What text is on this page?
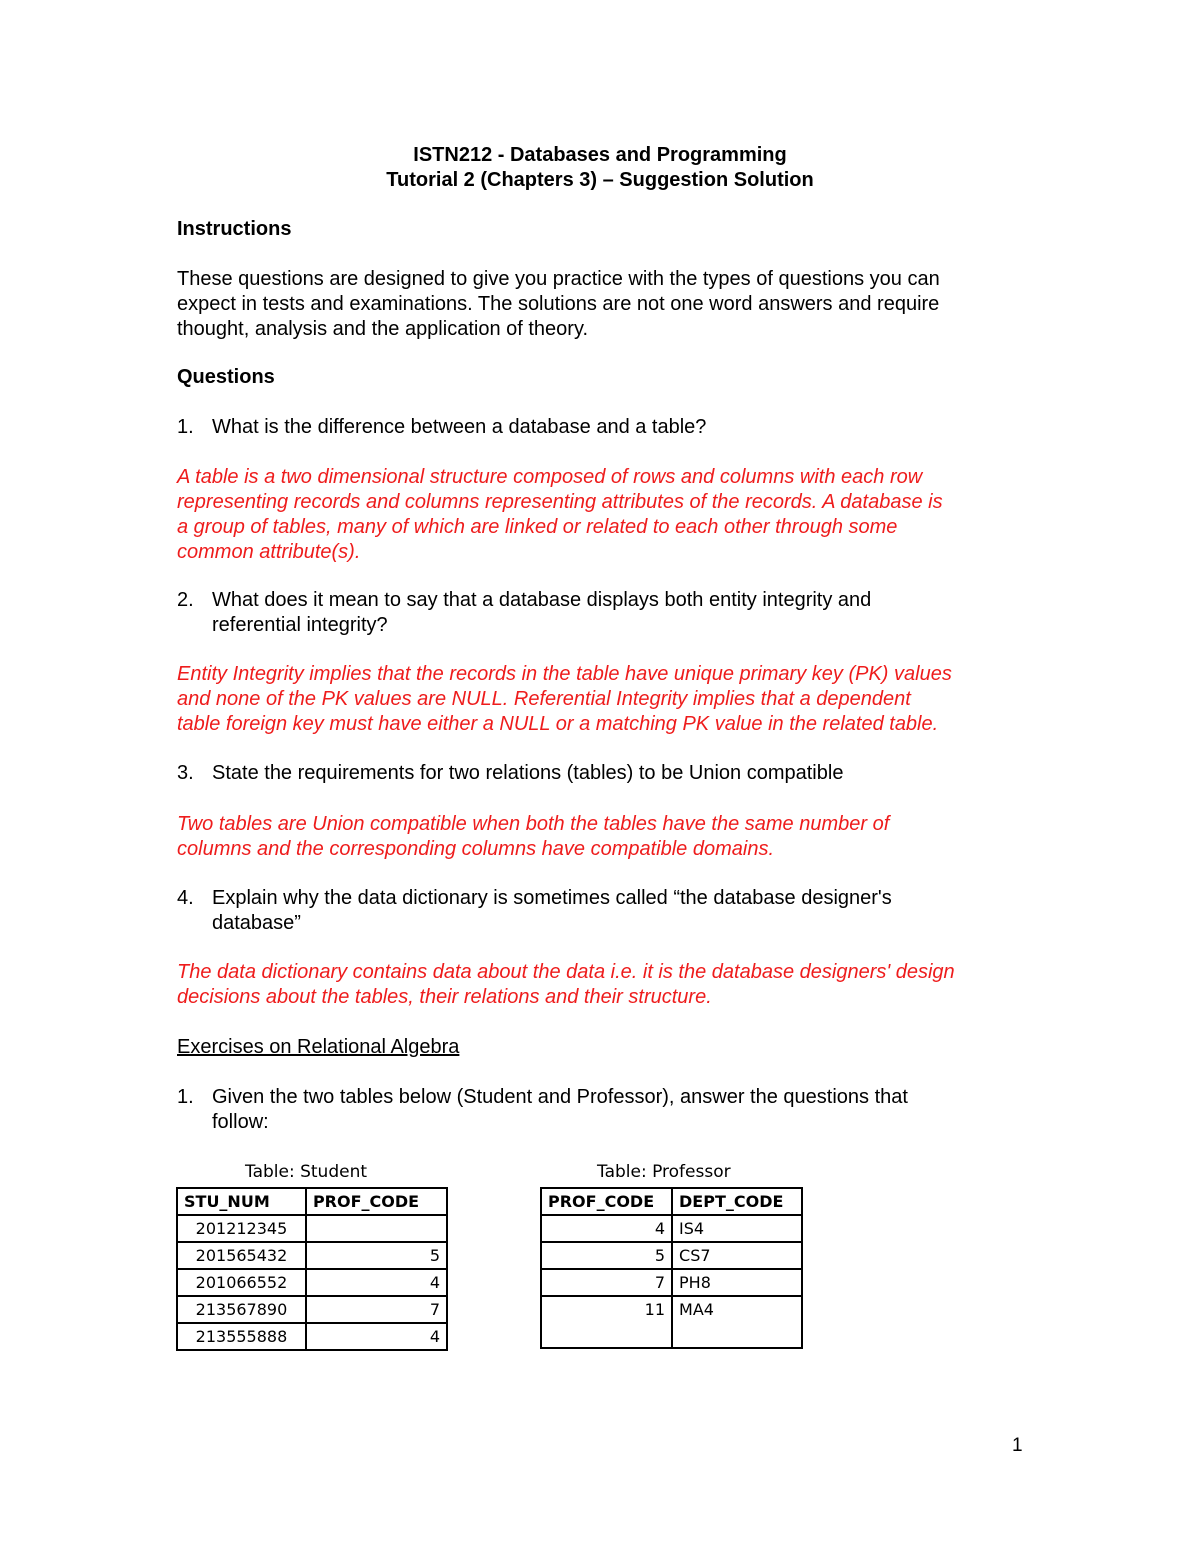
ISTN212 - Databases and Programming
Tutorial 2 (Chapters 3) – Suggestion Solution
Instructions
These questions are designed to give you practice with the types of questions you can
expect in tests and examinations. The solutions are not one word answers and require
thought, analysis and the application of theory.
Questions
1. What is the difference between a database and a table?
A table is a two dimensional structure composed of rows and columns with each row
representing records and columns representing attributes of the records. A database is
a group of tables, many of which are linked or related to each other through some
common attribute(s).
2. What does it mean to say that a database displays both entity integrity and
referential integrity?
Entity Integrity implies that the records in the table have unique primary key (PK) values
and none of the PK values are NULL. Referential Integrity implies that a dependent
table foreign key must have either a NULL or a matching PK value in the related table.
3. State the requirements for two relations (tables) to be Union compatible
Two tables are Union compatible when both the tables have the same number of
columns and the corresponding columns have compatible domains.
4. Explain why the data dictionary is sometimes called “the database designer's
database”
The data dictionary contains data about the data i.e. it is the database designers' design
decisions about the tables, their relations and their structure.
Exercises on Relational Algebra
1. Given the two tables below (Student and Professor), answer the questions that
follow:
Table: Student
STU_NUM	PROF_CODE
201212345	
201565432	5
201066552	4
213567890	7
213555888	4
Table: Professor
PROF_CODE	DEPT_CODE
4	IS4
5	CS7
7	PH8
11	MA4

1
